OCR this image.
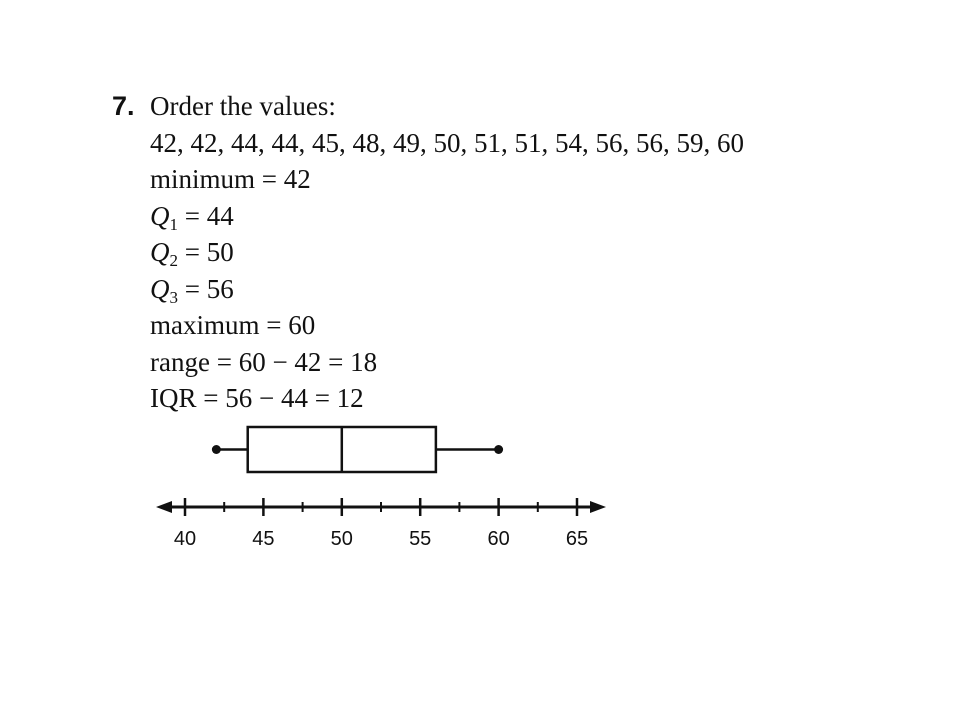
7. Order the values:
42, 42, 44, 44, 45, 48, 49, 50, 51, 51, 54, 56, 56, 59, 60
minimum = 42
$Q_1 = 44$
$Q_2 = 50$
$Q_3 = 56$
maximum = 60
range = 60 − 42 = 18
IQR = 56 − 44 = 12
40	45	50	55	60	65
